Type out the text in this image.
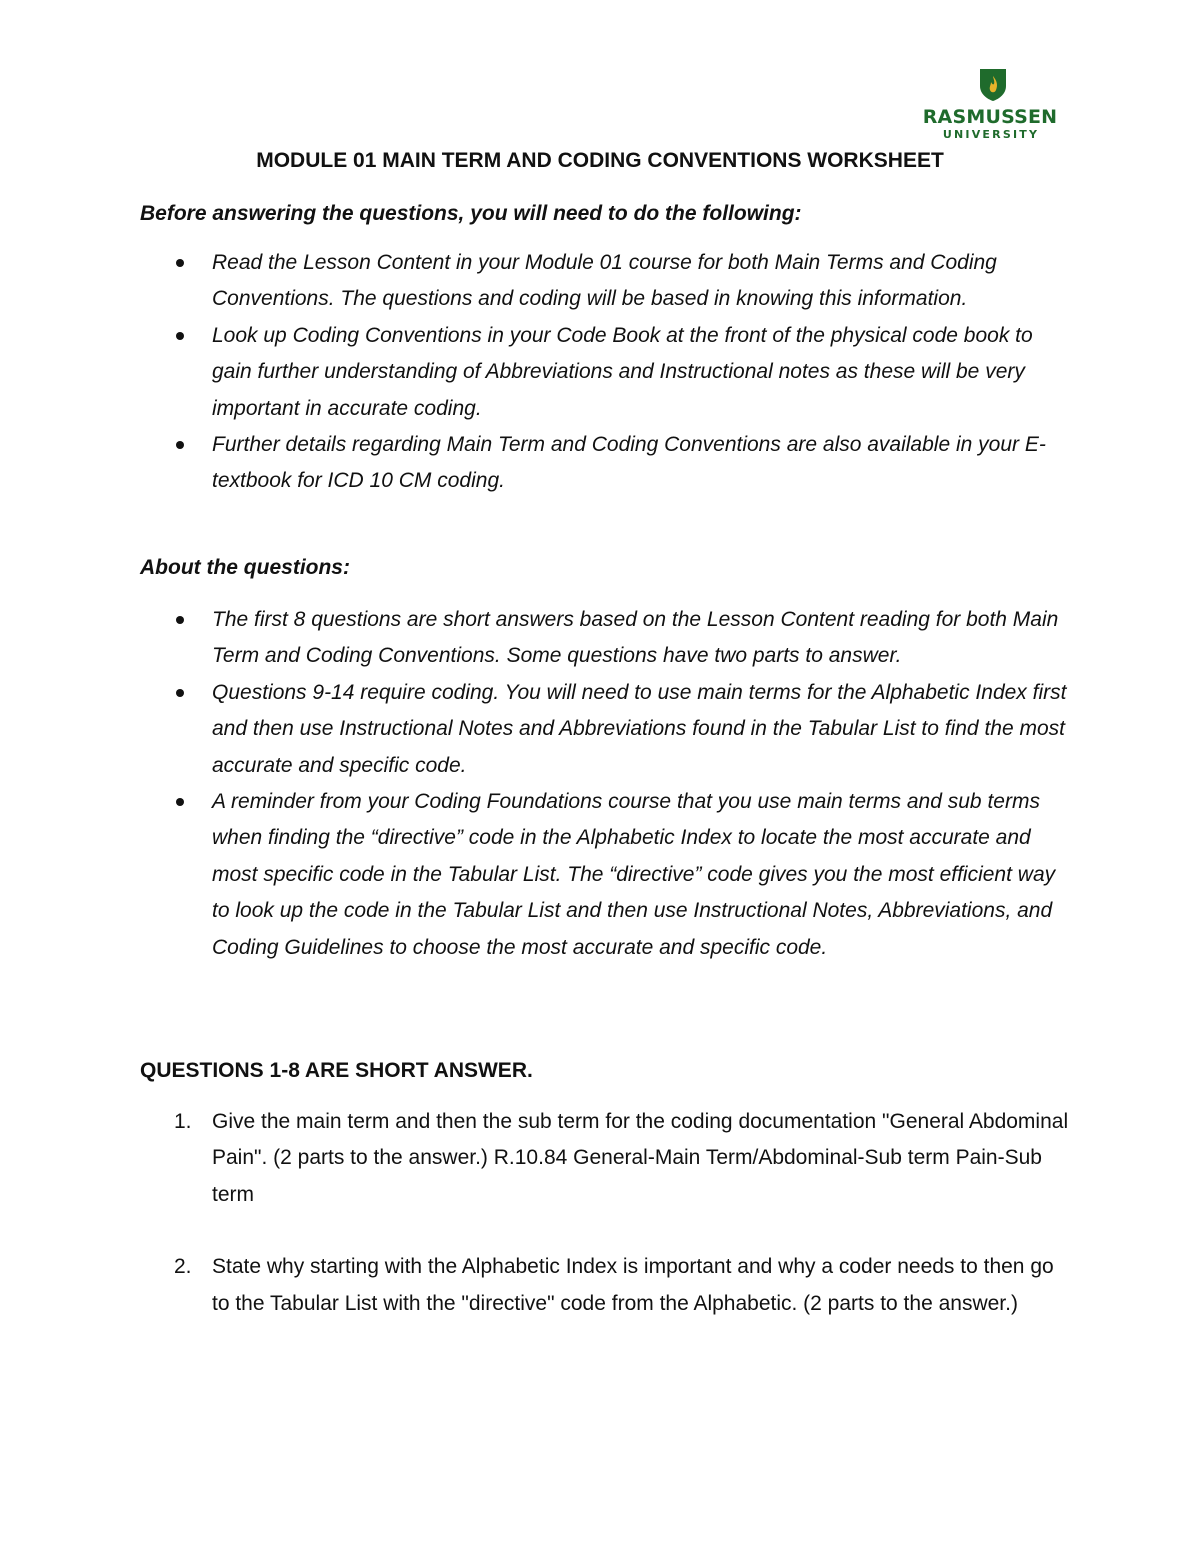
RASMUSSEN
UNIVERSITY
MODULE 01 MAIN TERM AND CODING CONVENTIONS WORKSHEET

Before answering the questions, you will need to do the following:

Read the Lesson Content in your Module 01 course for both Main Terms and Coding Conventions. The questions and coding will be based in knowing this information.
Look up Coding Conventions in your Code Book at the front of the physical code book to gain further understanding of Abbreviations and Instructional notes as these will be very important in accurate coding.
Further details regarding Main Term and Coding Conventions are also available in your E-textbook for ICD 10 CM coding.

About the questions:

The first 8 questions are short answers based on the Lesson Content reading for both Main Term and Coding Conventions. Some questions have two parts to answer.
Questions 9-14 require coding. You will need to use main terms for the Alphabetic Index first and then use Instructional Notes and Abbreviations found in the Tabular List to find the most accurate and specific code.
A reminder from your Coding Foundations course that you use main terms and sub terms when finding the “directive” code in the Alphabetic Index to locate the most accurate and most specific code in the Tabular List. The “directive” code gives you the most efficient way to look up the code in the Tabular List and then use Instructional Notes, Abbreviations, and Coding Guidelines to choose the most accurate and specific code.

QUESTIONS 1-8 ARE SHORT ANSWER.

1. Give the main term and then the sub term for the coding documentation "General Abdominal Pain". (2 parts to the answer.) R.10.84 General-Main Term/Abdominal-Sub term Pain-Sub term
2. State why starting with the Alphabetic Index is important and why a coder needs to then go to the Tabular List with the "directive" code from the Alphabetic. (2 parts to the answer.)
